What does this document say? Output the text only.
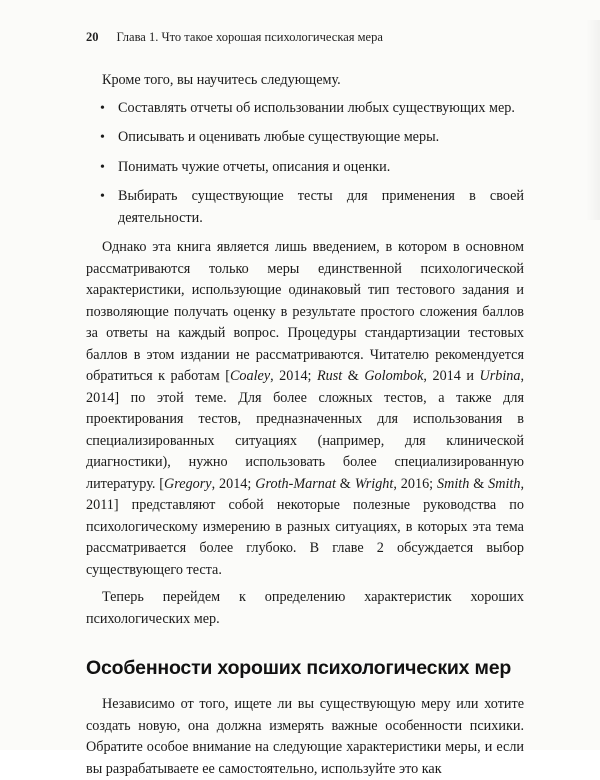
20 Глава 1. Что такое хорошая психологическая мера

Кроме того, вы научитесь следующему.

• Составлять отчеты об использовании любых существующих мер.
• Описывать и оценивать любые существующие меры.
• Понимать чужие отчеты, описания и оценки.
• Выбирать существующие тесты для применения в своей деятельности.

Однако эта книга является лишь введением, в котором в основном рассматриваются только меры единственной психологической характеристики, использующие одинаковый тип тестового задания и позволяющие получать оценку в результате простого сложения баллов за ответы на каждый вопрос. Процедуры стандартизации тестовых баллов в этом издании не рассматриваются. Читателю рекомендуется обратиться к работам [Coaley, 2014; Rust & Golombok, 2014 и Urbina, 2014] по этой теме. Для более сложных тестов, а также для проектирования тестов, предназначенных для использования в специализированных ситуациях (например, для клинической диагностики), нужно использовать более специализированную литературу. [Gregory, 2014; Groth-Marnat & Wright, 2016; Smith & Smith, 2011] представляют собой некоторые полезные руководства по психологическому измерению в разных ситуациях, в которых эта тема рассматривается более глубоко. В главе 2 обсуждается выбор существующего теста.

Теперь перейдем к определению характеристик хороших психологических мер.

Особенности хороших психологических мер

Независимо от того, ищете ли вы существующую меру или хотите создать новую, она должна измерять важные особенности психики. Обратите особое внимание на следующие характеристики меры, и если вы разрабатываете ее самостоятельно, используйте это как
